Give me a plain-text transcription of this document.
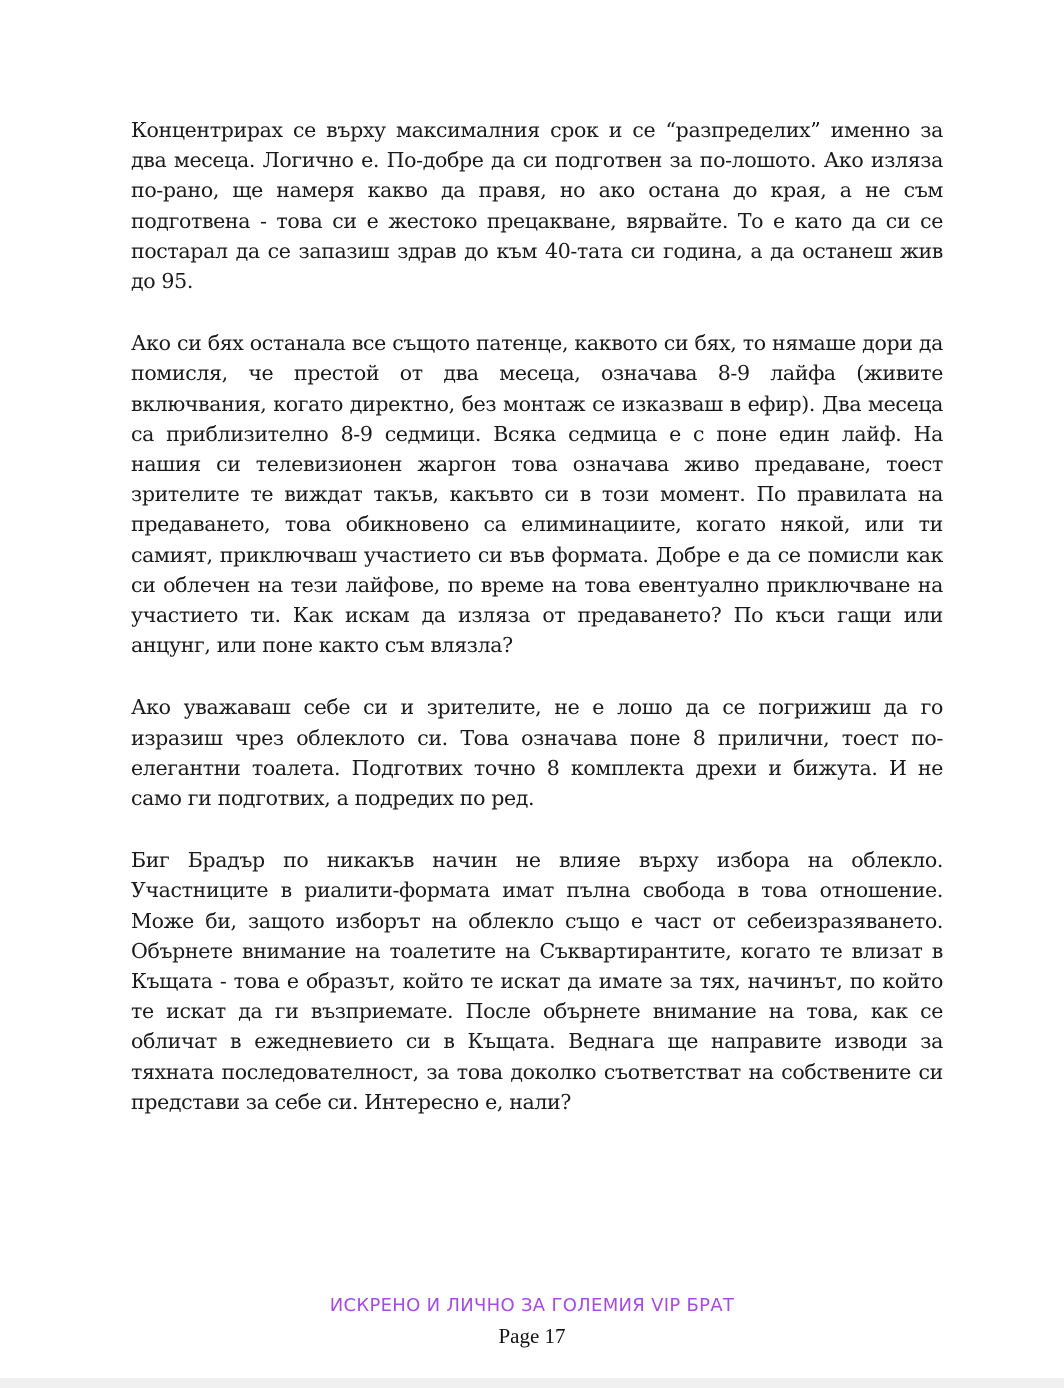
Концентрирах се върху максималния срок и се “разпределих” именно за два месеца. Логично е. По-добре да си подготвен за по-лошото. Ако изляза по-рано, ще намеря какво да правя, но ако остана до края, а не съм подготвена - това си е жестоко прецакване, вярвайте. То е като да си се постарал да се запазиш здрав до към 40-тата си година, а да останеш жив до 95.

Ако си бях останала все същото патенце, каквото си бях, то нямаше дори да помисля, че престой от два месеца, означава 8-9 лайфа (живите включвания, когато директно, без монтаж се изказваш в ефир). Два месеца са приблизително 8-9 седмици. Всяка седмица е с поне един лайф. На нашия си телевизионен жаргон това означава живо предаване, тоест зрителите те виждат такъв, какъвто си в този момент. По правилата на предаването, това обикновено са елиминациите, когато някой, или ти самият, приключваш участието си във формата. Добре е да се помисли как си облечен на тези лайфове, по време на това евентуално приключване на участието ти. Как искам да изляза от предаването? По къси гащи или анцунг, или поне както съм влязла?

Ако уважаваш себе си и зрителите, не е лошо да се погрижиш да го изразиш чрез облеклото си. Това означава поне 8 прилични, тоест по-елегантни тоалета. Подготвих точно 8 комплекта дрехи и бижута. И не само ги подготвих, а подредих по ред.

Биг Брадър по никакъв начин не влияе върху избора на облекло. Участниците в риалити-формата имат пълна свобода в това отношение. Може би, защото изборът на облекло също е част от себеизразяването. Обърнете внимание на тоалетите на Съквартирантите, когато те влизат в Къщата - това е образът, който те искат да имате за тях, начинът, по който те искат да ги възприемате. После обърнете внимание на това, как се обличат в ежедневието си в Къщата. Веднага ще направите изводи за тяхната последователност, за това доколко съответстват на собствените си представи за себе си. Интересно е, нали?

ИСКРЕНО И ЛИЧНО ЗА ГОЛЕМИЯ VIP БРАТ
Page 17
